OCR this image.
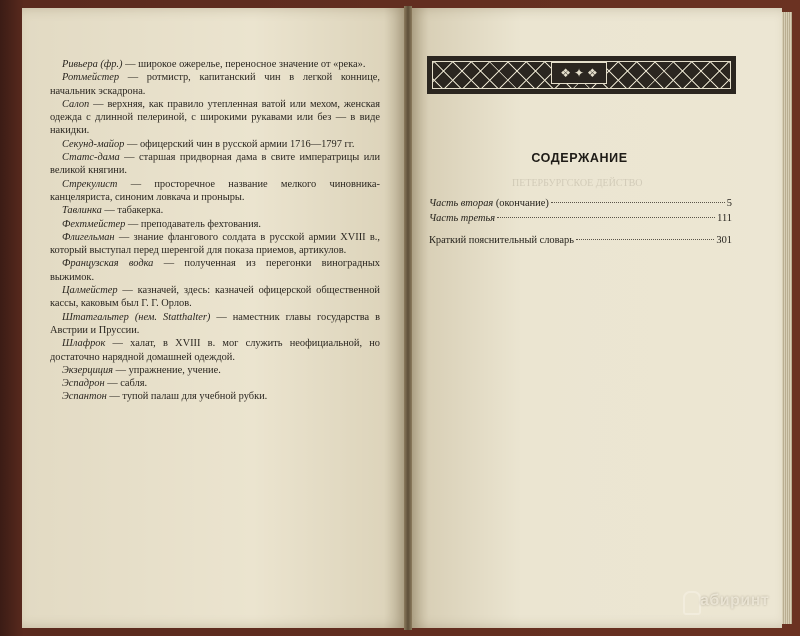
Ривьера (фр.) — широкое ожерелье, переносное значение от «река».

Ротмейстер — ротмистр, капитанский чин в легкой коннице, начальник эскадрона.

Салоп — верхняя, как правило утепленная ватой или мехом, женская одежда с длинной пелериной, с широкими рукавами или без — в виде накидки.

Секунд-майор — офицерский чин в русской армии 1716—1797 гг.

Статс-дама — старшая придворная дама в свите императрицы или великой княгини.

Стрекулист — просторечное название мелкого чиновника-канцеляриста, синоним ловкача и проныры.

Тавлинка — табакерка.

Фехтмейстер — преподаватель фехтования.

Флигельман — знание флангового солдата в русской армии XVIII в., который выступал перед шеренгой для показа приемов, артикулов.

Французская водка — полученная из перегонки виноградных выжимок.

Цалмейстер — казначей, здесь: казначей офицерской общественной кассы, каковым был Г. Г. Орлов.

Штатгальтер (нем. Statthalter) — наместник главы государства в Австрии и Пруссии.

Шлафрок — халат, в XVIII в. мог служить неофициальной, но достаточно нарядной домашней одеждой.

Экзерциция — упражнение, учение.

Эспадрон — сабля.

Эспантон — тупой палаш для учебной рубки.

❖ ✦ ❖
ПЕТЕРБУРГСКОЕ ДЕЙСТВО
СОДЕРЖАНИЕ
Часть вторая (окончание)	5
Часть третья	111
Краткий пояснительный словарь	301
абиринт
